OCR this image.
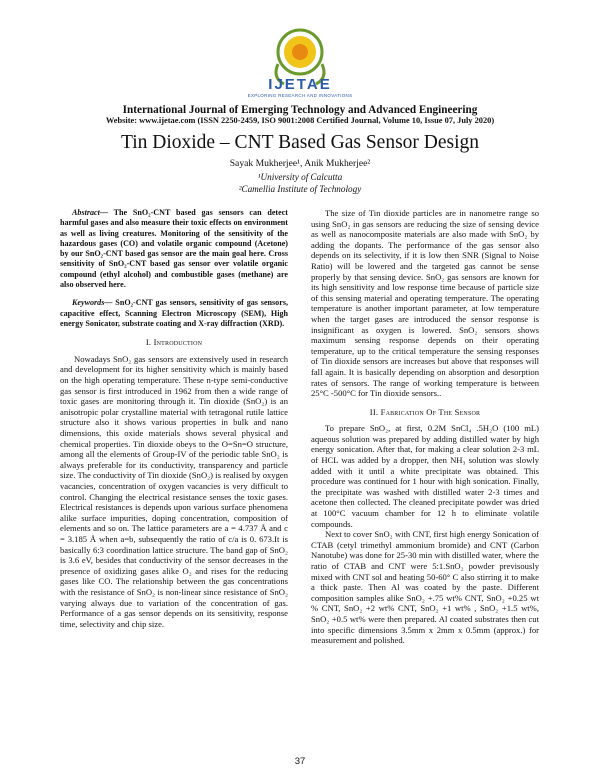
IJETAE
EXPLORING RESEARCH AND INNOVATIONS
International Journal of Emerging Technology and Advanced Engineering
Website: www.ijetae.com (ISSN 2250-2459, ISO 9001:2008 Certified Journal, Volume 10, Issue 07, July 2020)
Tin Dioxide – CNT Based Gas Sensor Design
Sayak Mukherjee¹, Anik Mukherjee²
¹University of Calcutta
²Camellia Institute of Technology

Abstract— The SnO₂-CNT based gas sensors can detect harmful gases and also measure their toxic effects on environment as well as living creatures. Monitoring of the sensitivity of the hazardous gases (CO) and volatile organic compound (Acetone) by our SnO₂-CNT based gas sensor are the main goal here. Cross sensitivity of SnO₂-CNT based gas sensor over volatile organic compound (ethyl alcohol) and combustible gases (methane) are also observed here.

Keywords— SnO₂-CNT gas sensors, sensitivity of gas sensors, capacitive effect, Scanning Electron Microscopy (SEM), High energy Sonicator, substrate coating and X-ray diffraction (XRD).

I. Introduction

Nowadays SnO₂ gas sensors are extensively used in research and development for its higher sensitivity which is mainly based on the high operating temperature. These n-type semi-conductive gas sensor is first introduced in 1962 from then a wide range of toxic gases are monitoring through it. Tin dioxide (SnO₂) is an anisotropic polar crystalline material with tetragonal rutile lattice structure also it shows various properties in bulk and nano dimensions, this oxide materials shows several physical and chemical properties. Tin dioxide obeys to the O=Sn=O structure, among all the elements of Group-IV of the periodic table SnO₂ is always preferable for its conductivity, transparency and particle size. The conductivity of Tin dioxide (SnO₂) is realised by oxygen vacancies, concentration of oxygen vacancies is very difficult to control. Changing the electrical resistance senses the toxic gases. Electrical resistances is depends upon various surface phenomena alike surface impurities, doping concentration, composition of elements and so on. The lattice parameters are a = 4.737 Å and c = 3.185 Å when a=b, subsequently the ratio of c/a is 0. 673.It is basically 6:3 coordination lattice structure. The band gap of SnO₂ is 3.6 eV, besides that conductivity of the sensor decreases in the presence of oxidizing gases alike O₂ and rises for the reducing gases like CO. The relationship between the gas concentrations with the resistance of SnO₂ is non-linear since resistance of SnO₂ varying always due to variation of the concentration of gas. Performance of a gas sensor depends on its sensitivity, response time, selectivity and chip size.

The size of Tin dioxide particles are in nanometre range so using SnO₂ in gas sensors are reducing the size of sensing device as well as nanocomposite materials are also made with SnO₂ by adding the dopants. The performance of the gas sensor also depends on its selectivity, if it is low then SNR (Signal to Noise Ratio) will be lowered and the targeted gas cannot be sense properly by that sensing device. SnO₂ gas sensors are known for its high sensitivity and low response time because of particle size of this sensing material and operating temperature. The operating temperature is another important parameter, at low temperature when the target gases are introduced the sensor response is insignificant as oxygen is lowered. SnO₂ sensors shows maximum sensing response depends on their operating temperature, up to the critical temperature the sensing responses of Tin dioxide sensors are increases but above that responses will fall again. It is basically depending on absorption and desorption rates of sensors. The range of working temperature is between 25°C -500°C for Tin dioxide sensors..

II. Fabrication Of The Sensor

To prepare SnO₂, at first, 0.2M SnCl₄ .5H₂O (100 mL) aqueous solution was prepared by adding distilled water by high energy sonication. After that, for making a clear solution 2-3 mL of HCL was added by a dropper, then NH₃ solution was slowly added with it until a white precipitate was obtained. This procedure was continued for 1 hour with high sonication. Finally, the precipitate was washed with distilled water 2-3 times and acetone then collected. The cleaned precipitate powder was dried at 100°C vacuum chamber for 12 h to eliminate volatile compounds.

Next to cover SnO₂ with CNT, first high energy Sonication of CTAB (cetyl trimethyl ammonium bromide) and CNT (Carbon Nanotube) was done for 25-30 min with distilled water, where the ratio of CTAB and CNT were 5:1.SnO₂ powder previsously mixed with CNT sol and heating 50-60° C also stirring it to make a thick paste. Then Al was coated by the paste. Different composition samples alike SnO₂ +.75 wt% CNT, SnO₂ +0.25 wt % CNT, SnO₂ +2 wt% CNT, SnO₂ +1 wt% , SnO₂ +1.5 wt%, SnO₂ +0.5 wt% were then prepared. Al coated substrates then cut into specific dimensions 3.5mm x 2mm x 0.5mm (approx.) for measurement and polished.

37
